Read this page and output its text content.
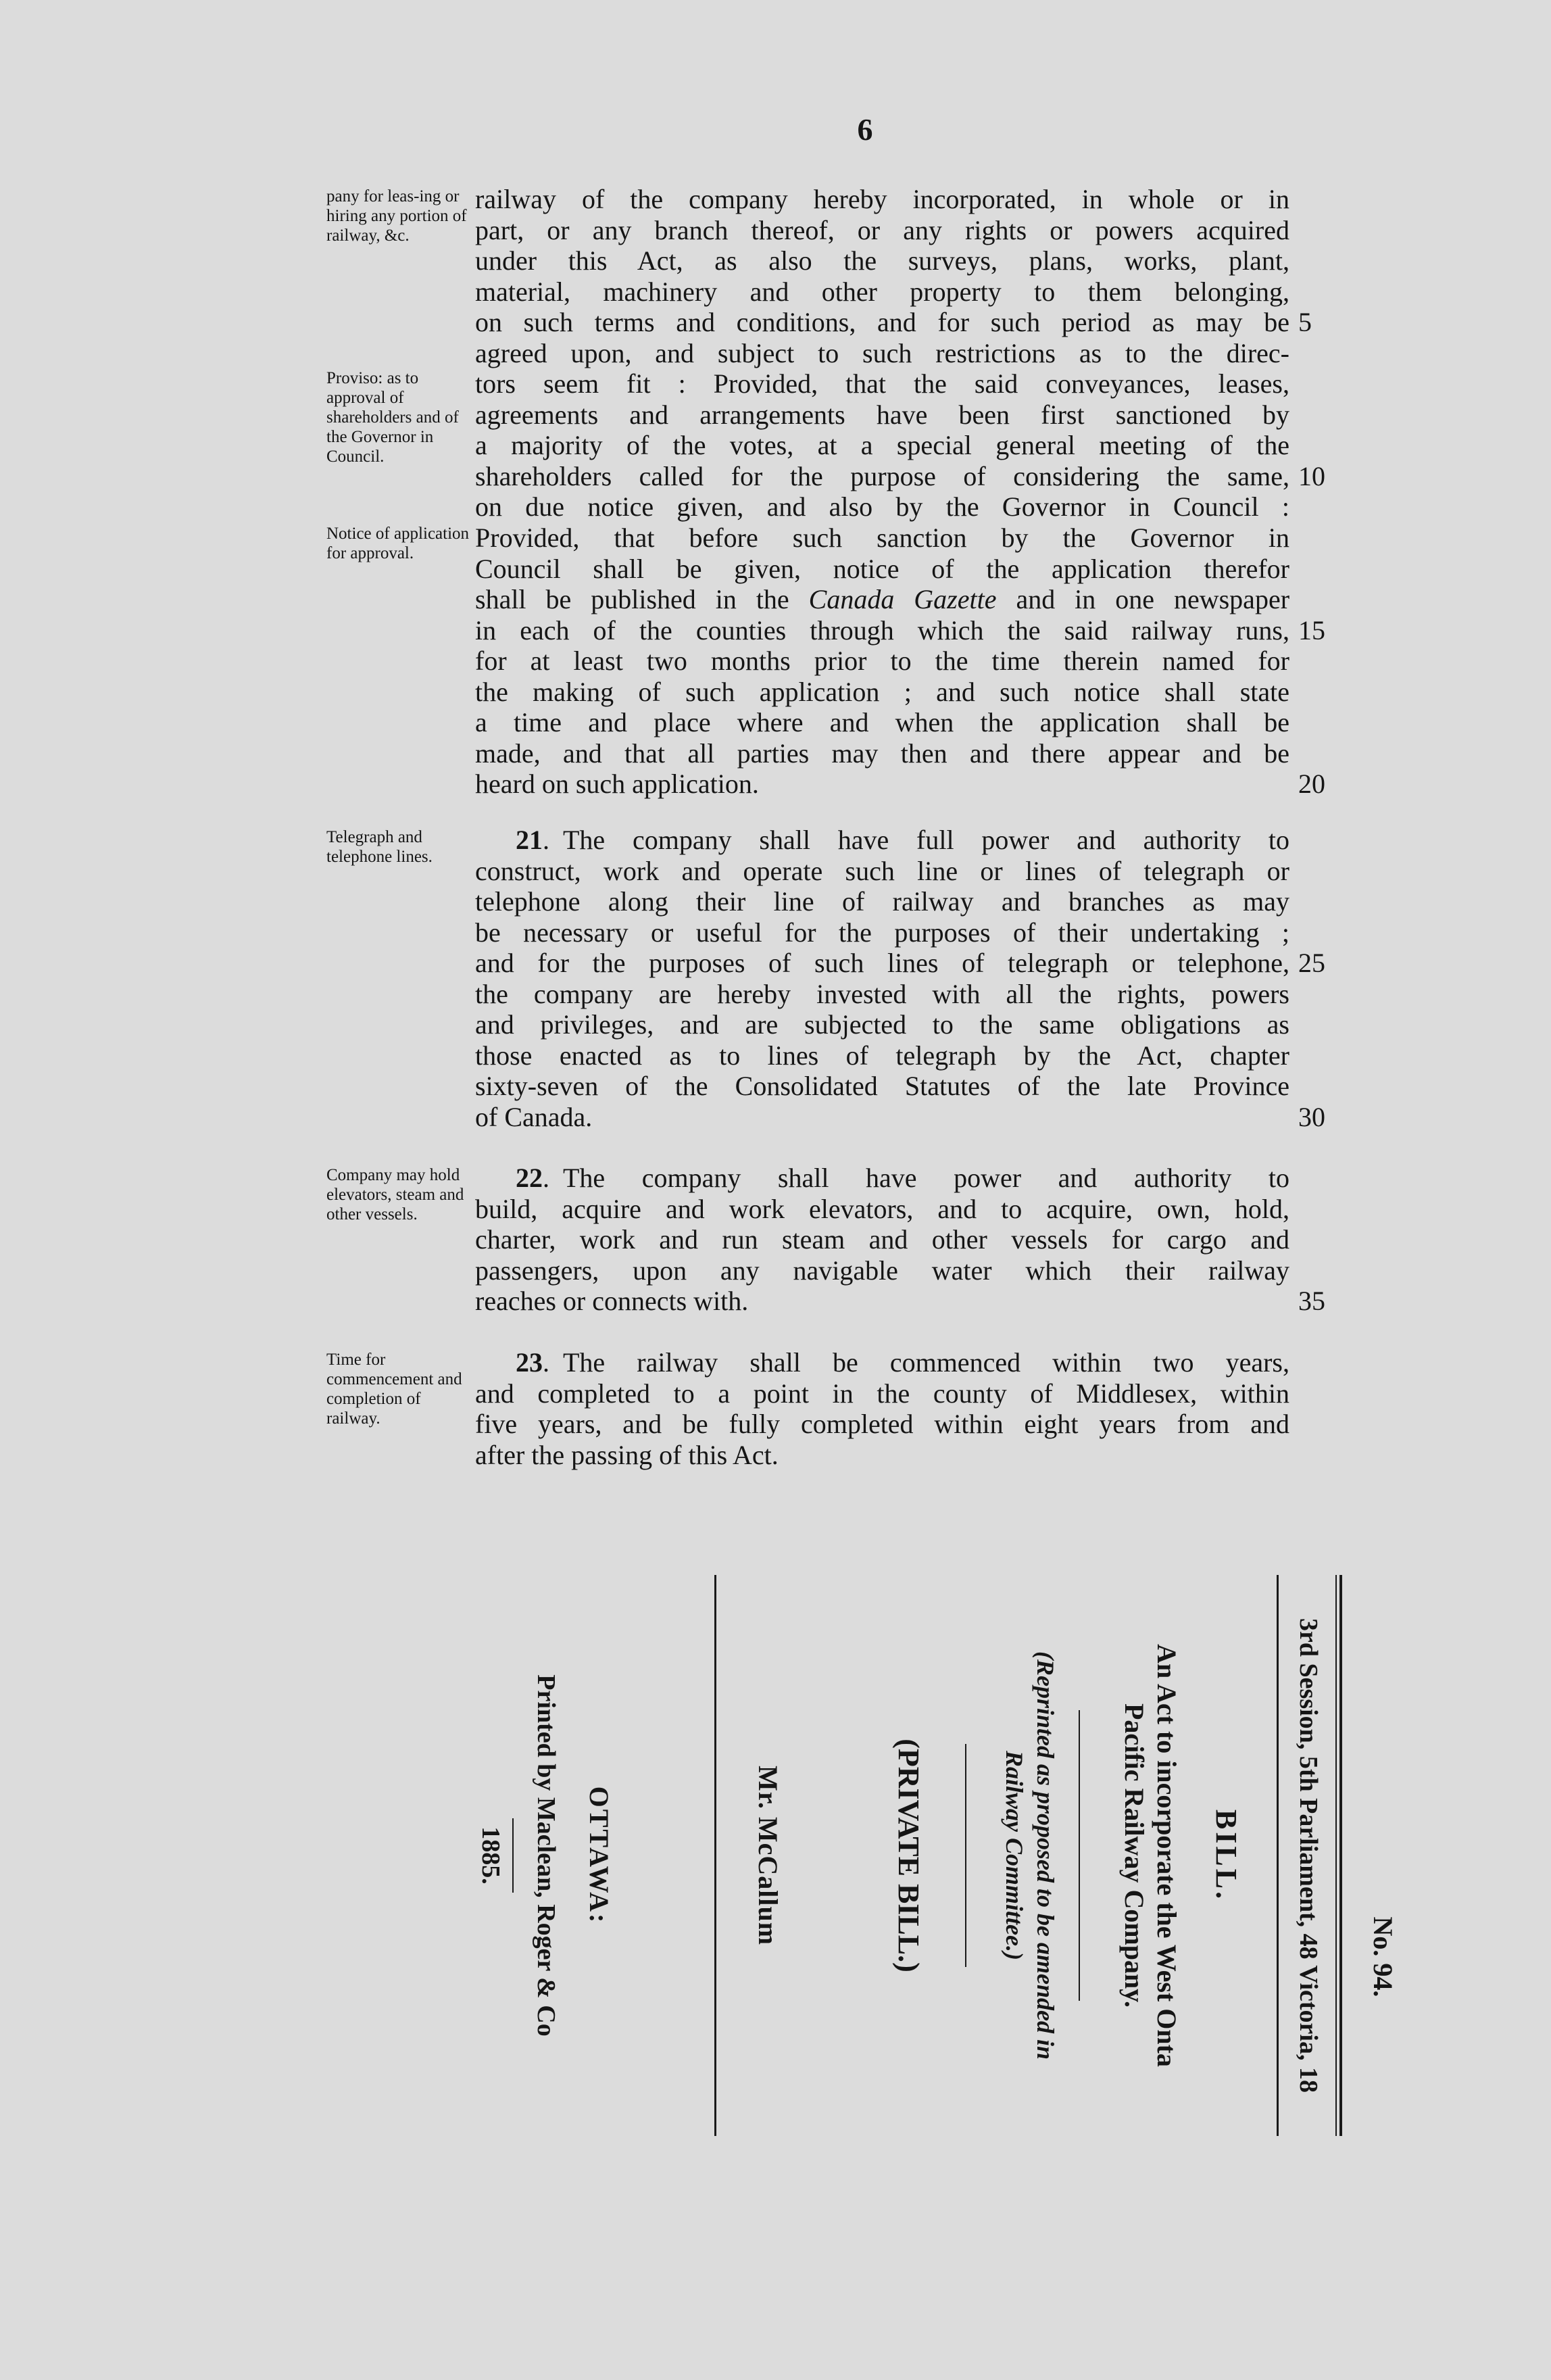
6
pany for leas-ing or hiring any portion of railway, &c.
railway of the company hereby incorporated, in whole or in
part, or any branch thereof, or any rights or powers acquired
under this Act, as also the surveys, plans, works, plant,
material, machinery and other property to them belonging,
on such terms and conditions, and for such period as may be 5
agreed upon, and subject to such restrictions as to the direc-
Proviso: as to approval of shareholders and of the Governor in Council.
tors seem fit : Provided, that the said conveyances, leases,
agreements and arrangements have been first sanctioned by
a majority of the votes, at a special general meeting of the
shareholders called for the purpose of considering the same, 10
on due notice given, and also by the Governor in Council :
Notice of application for approval.
Provided, that before such sanction by the Governor in
Council shall be given, notice of the application therefor
shall be published in the Canada Gazette and in one newspaper
in each of the counties through which the said railway runs, 15
for at least two months prior to the time therein named for
the making of such application ; and such notice shall state
a time and place where and when the application shall be
made, and that all parties may then and there appear and be
heard on such application.	20
Telegraph and telephone lines.
21. The company shall have full power and authority to
construct, work and operate such line or lines of telegraph or
telephone along their line of railway and branches as may
be necessary or useful for the purposes of their undertaking ;
and for the purposes of such lines of telegraph or telephone, 25
the company are hereby invested with all the rights, powers
and privileges, and are subjected to the same obligations as
those enacted as to lines of telegraph by the Act, chapter
sixty-seven of the Consolidated Statutes of the late Province
of Canada.	30
Company may hold elevators, steam and other vessels.
22. The company shall have power and authority to
build, acquire and work elevators, and to acquire, own, hold,
charter, work and run steam and other vessels for cargo and
passengers, upon any navigable water which their railway
reaches or connects with.	35
Time for commencement and completion of railway.
23. The railway shall be commenced within two years,
and completed to a point in the county of Middlesex, within
five years, and be fully completed within eight years from and
after the passing of this Act.
No. 94.
3rd Session, 5th Parliament, 48 Victoria, 18
BILL.
An Act to incorporate the West Onta
Pacific Railway Company.
(Reprinted as proposed to be amended in
Railway Committee.)
(PRIVATE BILL.)
Mr. McCallum
OTTAWA:
Printed by Maclean, Roger & Co
1885.
